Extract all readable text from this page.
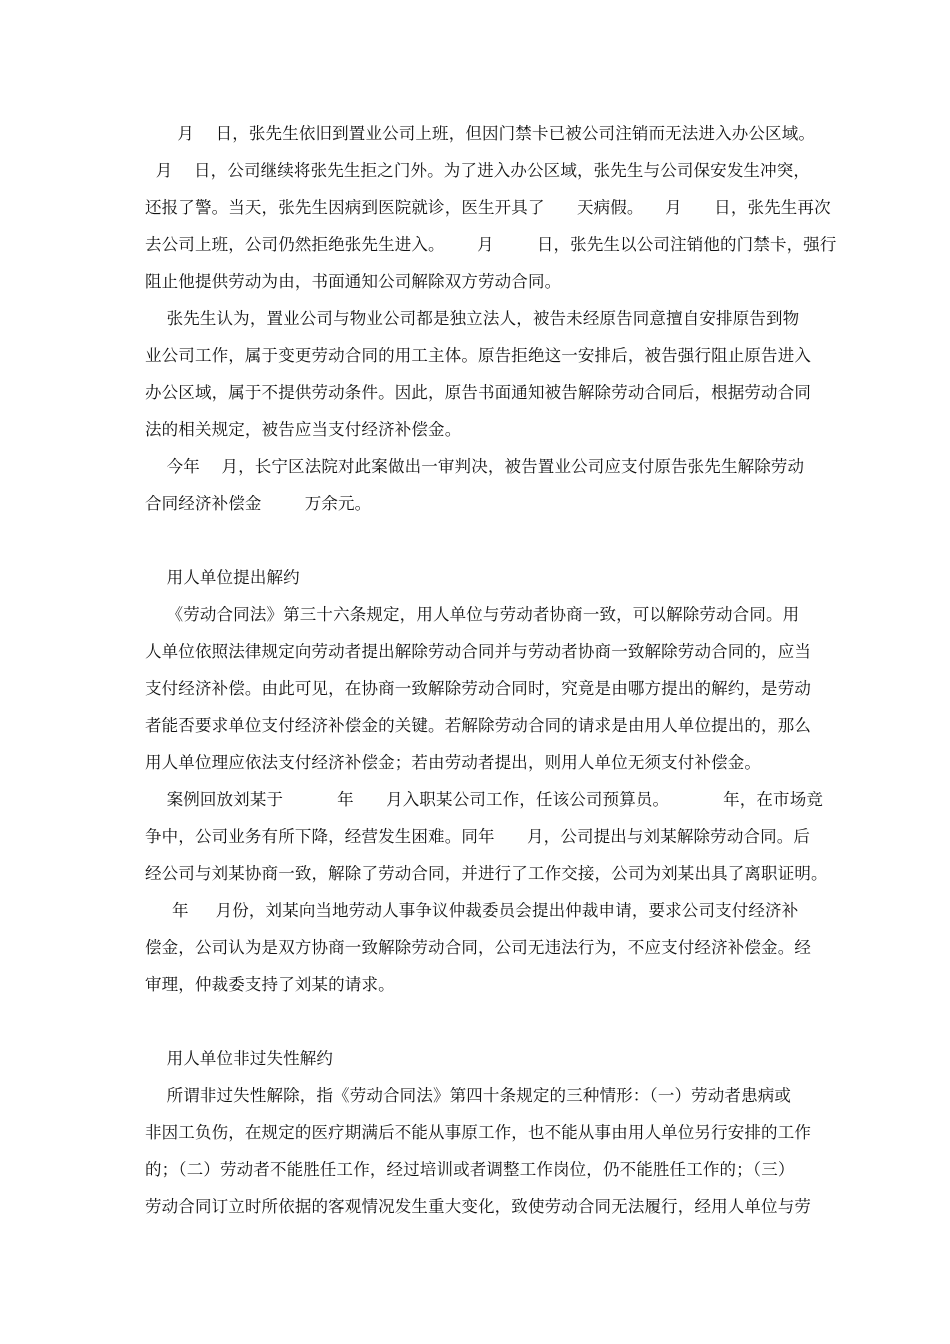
月    日，张先生依旧到置业公司上班，但因门禁卡已被公司注销而无法进入办公区域。
月    日，公司继续将张先生拒之门外。为了进入办公区域，张先生与公司保安发生冲突，
还报了警。当天，张先生因病到医院就诊，医生开具了      天病假。    月      日，张先生再次
去公司上班，公司仍然拒绝张先生进入。      月        日，张先生以公司注销他的门禁卡，强行
阻止他提供劳动为由，书面通知公司解除双方劳动合同。
张先生认为，置业公司与物业公司都是独立法人，被告未经原告同意擅自安排原告到物
业公司工作，属于变更劳动合同的用工主体。原告拒绝这一安排后，被告强行阻止原告进入
办公区域，属于不提供劳动条件。因此，原告书面通知被告解除劳动合同后，根据劳动合同
法的相关规定，被告应当支付经济补偿金。
今年    月，长宁区法院对此案做出一审判决，被告置业公司应支付原告张先生解除劳动
合同经济补偿金        万余元。
用人单位提出解约
《劳动合同法》第三十六条规定，用人单位与劳动者协商一致，可以解除劳动合同。用
人单位依照法律规定向劳动者提出解除劳动合同并与劳动者协商一致解除劳动合同的，应当
支付经济补偿。由此可见，在协商一致解除劳动合同时，究竟是由哪方提出的解约，是劳动
者能否要求单位支付经济补偿金的关键。若解除劳动合同的请求是由用人单位提出的，那么
用人单位理应依法支付经济补偿金；若由劳动者提出，则用人单位无须支付补偿金。
案例回放刘某于          年      月入职某公司工作，任该公司预算员。          年，在市场竞
争中，公司业务有所下降，经营发生困难。同年      月，公司提出与刘某解除劳动合同。后
经公司与刘某协商一致，解除了劳动合同，并进行了工作交接，公司为刘某出具了离职证明。
年     月份，刘某向当地劳动人事争议仲裁委员会提出仲裁申请，要求公司支付经济补
偿金，公司认为是双方协商一致解除劳动合同，公司无违法行为，不应支付经济补偿金。经
审理，仲裁委支持了刘某的请求。
用人单位非过失性解约
所谓非过失性解除，指《劳动合同法》第四十条规定的三种情形：（一）劳动者患病或
非因工负伤，在规定的医疗期满后不能从事原工作，也不能从事由用人单位另行安排的工作
的；（二）劳动者不能胜任工作，经过培训或者调整工作岗位，仍不能胜任工作的；（三）
劳动合同订立时所依据的客观情况发生重大变化，致使劳动合同无法履行，经用人单位与劳
